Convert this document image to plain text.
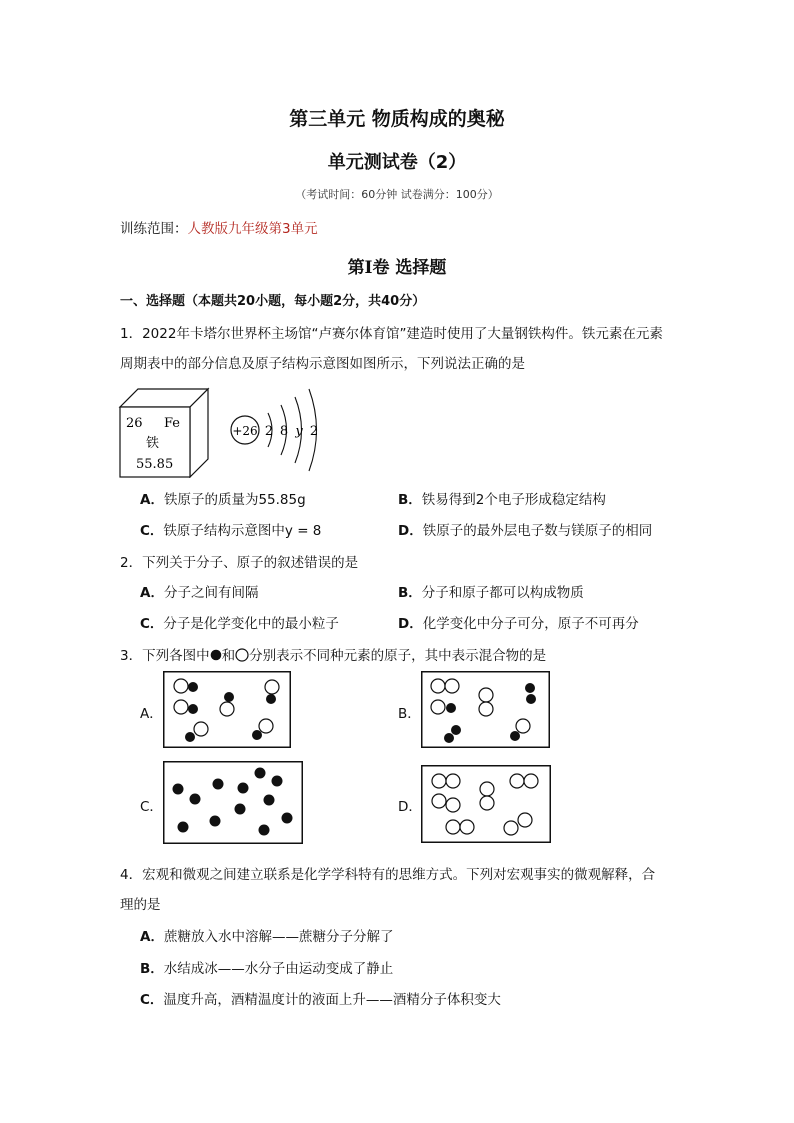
第三单元 物质构成的奥秘
单元测试卷（2）
（考试时间：60分钟 试卷满分：100分）
训练范围：人教版九年级第3单元
第Ⅰ卷 选择题
一、选择题（本题共20小题，每小题2分，共40分）
1．2022年卡塔尔世界杯主场馆“卢赛尔体育馆”建造时使用了大量钢铁构件。铁元素在元素
周期表中的部分信息及原子结构示意图如图所示，下列说法正确的是
26 Fe
铁
55.85
+26 2 8 y 2
A．铁原子的质量为55.85g	B．铁易得到2个电子形成稳定结构
C．铁原子结构示意图中y = 8	D．铁原子的最外层电子数与镁原子的相同
2．下列关于分子、原子的叙述错误的是
A．分子之间有间隔	B．分子和原子都可以构成物质
C．分子是化学变化中的最小粒子	D．化学变化中分子可分，原子不可再分
3．下列各图中 和 分别表示不同种元素的原子，其中表示混合物的是
A．	B．
C．	D．
4．宏观和微观之间建立联系是化学学科特有的思维方式。下列对宏观事实的微观解释，合
理的是
A．蔗糖放入水中溶解——蔗糖分子分解了
B．水结成冰——水分子由运动变成了静止
C．温度升高，酒精温度计的液面上升——酒精分子体积变大
